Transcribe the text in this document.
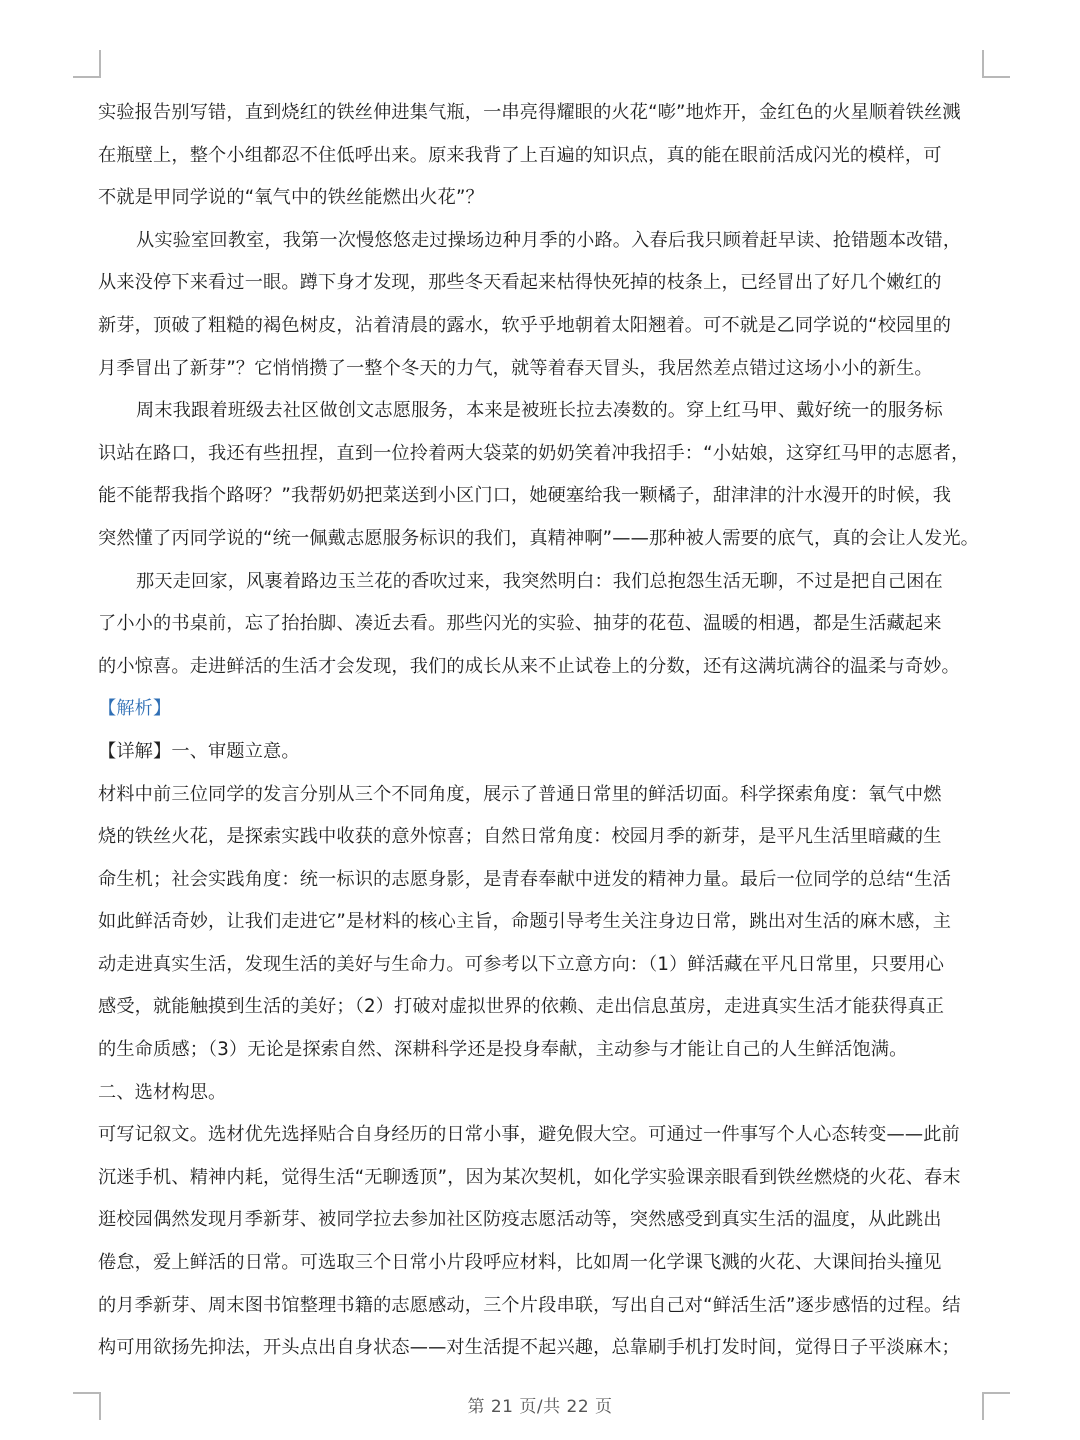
实验报告别写错，直到烧红的铁丝伸进集气瓶，一串亮得耀眼的火花“嘭”地炸开，金红色的火星顺着铁丝溅
在瓶壁上，整个小组都忍不住低呼出来。原来我背了上百遍的知识点，真的能在眼前活成闪光的模样，可
不就是甲同学说的“氧气中的铁丝能燃出火花”？
从实验室回教室，我第一次慢悠悠走过操场边种月季的小路。入春后我只顾着赶早读、抢错题本改错，
从来没停下来看过一眼。蹲下身才发现，那些冬天看起来枯得快死掉的枝条上，已经冒出了好几个嫩红的
新芽，顶破了粗糙的褐色树皮，沾着清晨的露水，软乎乎地朝着太阳翘着。可不就是乙同学说的“校园里的
月季冒出了新芽”？它悄悄攒了一整个冬天的力气，就等着春天冒头，我居然差点错过这场小小的新生。
周末我跟着班级去社区做创文志愿服务，本来是被班长拉去凑数的。穿上红马甲、戴好统一的服务标
识站在路口，我还有些扭捏，直到一位拎着两大袋菜的奶奶笑着冲我招手：“小姑娘，这穿红马甲的志愿者，
能不能帮我指个路呀？”我帮奶奶把菜送到小区门口，她硬塞给我一颗橘子，甜津津的汁水漫开的时候，我
突然懂了丙同学说的“统一佩戴志愿服务标识的我们，真精神啊”——那种被人需要的底气，真的会让人发光。
那天走回家，风裹着路边玉兰花的香吹过来，我突然明白：我们总抱怨生活无聊，不过是把自己困在
了小小的书桌前，忘了抬抬脚、凑近去看。那些闪光的实验、抽芽的花苞、温暖的相遇，都是生活藏起来
的小惊喜。走进鲜活的生活才会发现，我们的成长从来不止试卷上的分数，还有这满坑满谷的温柔与奇妙。
【解析】
【详解】一、审题立意。
材料中前三位同学的发言分别从三个不同角度，展示了普通日常里的鲜活切面。科学探索角度：氧气中燃
烧的铁丝火花，是探索实践中收获的意外惊喜；自然日常角度：校园月季的新芽，是平凡生活里暗藏的生
命生机；社会实践角度：统一标识的志愿身影，是青春奉献中迸发的精神力量。最后一位同学的总结“生活
如此鲜活奇妙，让我们走进它”是材料的核心主旨，命题引导考生关注身边日常，跳出对生活的麻木感，主
动走进真实生活，发现生活的美好与生命力。可参考以下立意方向：（1）鲜活藏在平凡日常里，只要用心
感受，就能触摸到生活的美好；（2）打破对虚拟世界的依赖、走出信息茧房，走进真实生活才能获得真正
的生命质感；（3）无论是探索自然、深耕科学还是投身奉献，主动参与才能让自己的人生鲜活饱满。
二、选材构思。
可写记叙文。选材优先选择贴合自身经历的日常小事，避免假大空。可通过一件事写个人心态转变——此前
沉迷手机、精神内耗，觉得生活“无聊透顶”，因为某次契机，如化学实验课亲眼看到铁丝燃烧的火花、春末
逛校园偶然发现月季新芽、被同学拉去参加社区防疫志愿活动等，突然感受到真实生活的温度，从此跳出
倦怠，爱上鲜活的日常。可选取三个日常小片段呼应材料，比如周一化学课飞溅的火花、大课间抬头撞见
的月季新芽、周末图书馆整理书籍的志愿感动，三个片段串联，写出自己对“鲜活生活”逐步感悟的过程。结
构可用欲扬先抑法，开头点出自身状态——对生活提不起兴趣，总靠刷手机打发时间，觉得日子平淡麻木；
第 21 页/共 22 页
